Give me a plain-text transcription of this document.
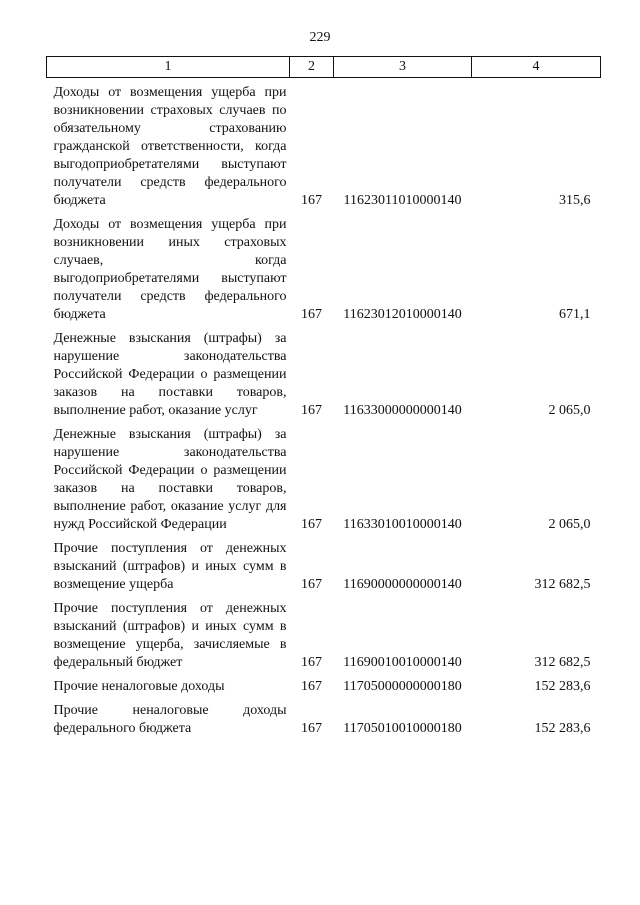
229
1	2	3	4
Доходы от возмещения ущерба при возникновении страховых случаев по обязательному страхованию гражданской ответственности, когда выгодоприобретателями выступают получатели средств федерального бюджета	167	11623011010000140	315,6
Доходы от возмещения ущерба при возникновении иных страховых случаев, когда выгодоприобретателями выступают получатели средств федерального бюджета	167	11623012010000140	671,1
Денежные взыскания (штрафы) за нарушение законодательства Российской Федерации о размещении заказов на поставки товаров, выполнение работ, оказание услуг	167	11633000000000140	2 065,0
Денежные взыскания (штрафы) за нарушение законодательства Российской Федерации о размещении заказов на поставки товаров, выполнение работ, оказание услуг для нужд Российской Федерации	167	11633010010000140	2 065,0
Прочие поступления от денежных взысканий (штрафов) и иных сумм в возмещение ущерба	167	11690000000000140	312 682,5
Прочие поступления от денежных взысканий (штрафов) и иных сумм в возмещение ущерба, зачисляемые в федеральный бюджет	167	11690010010000140	312 682,5
Прочие неналоговые доходы	167	11705000000000180	152 283,6
Прочие неналоговые доходы федерального бюджета	167	11705010010000180	152 283,6
